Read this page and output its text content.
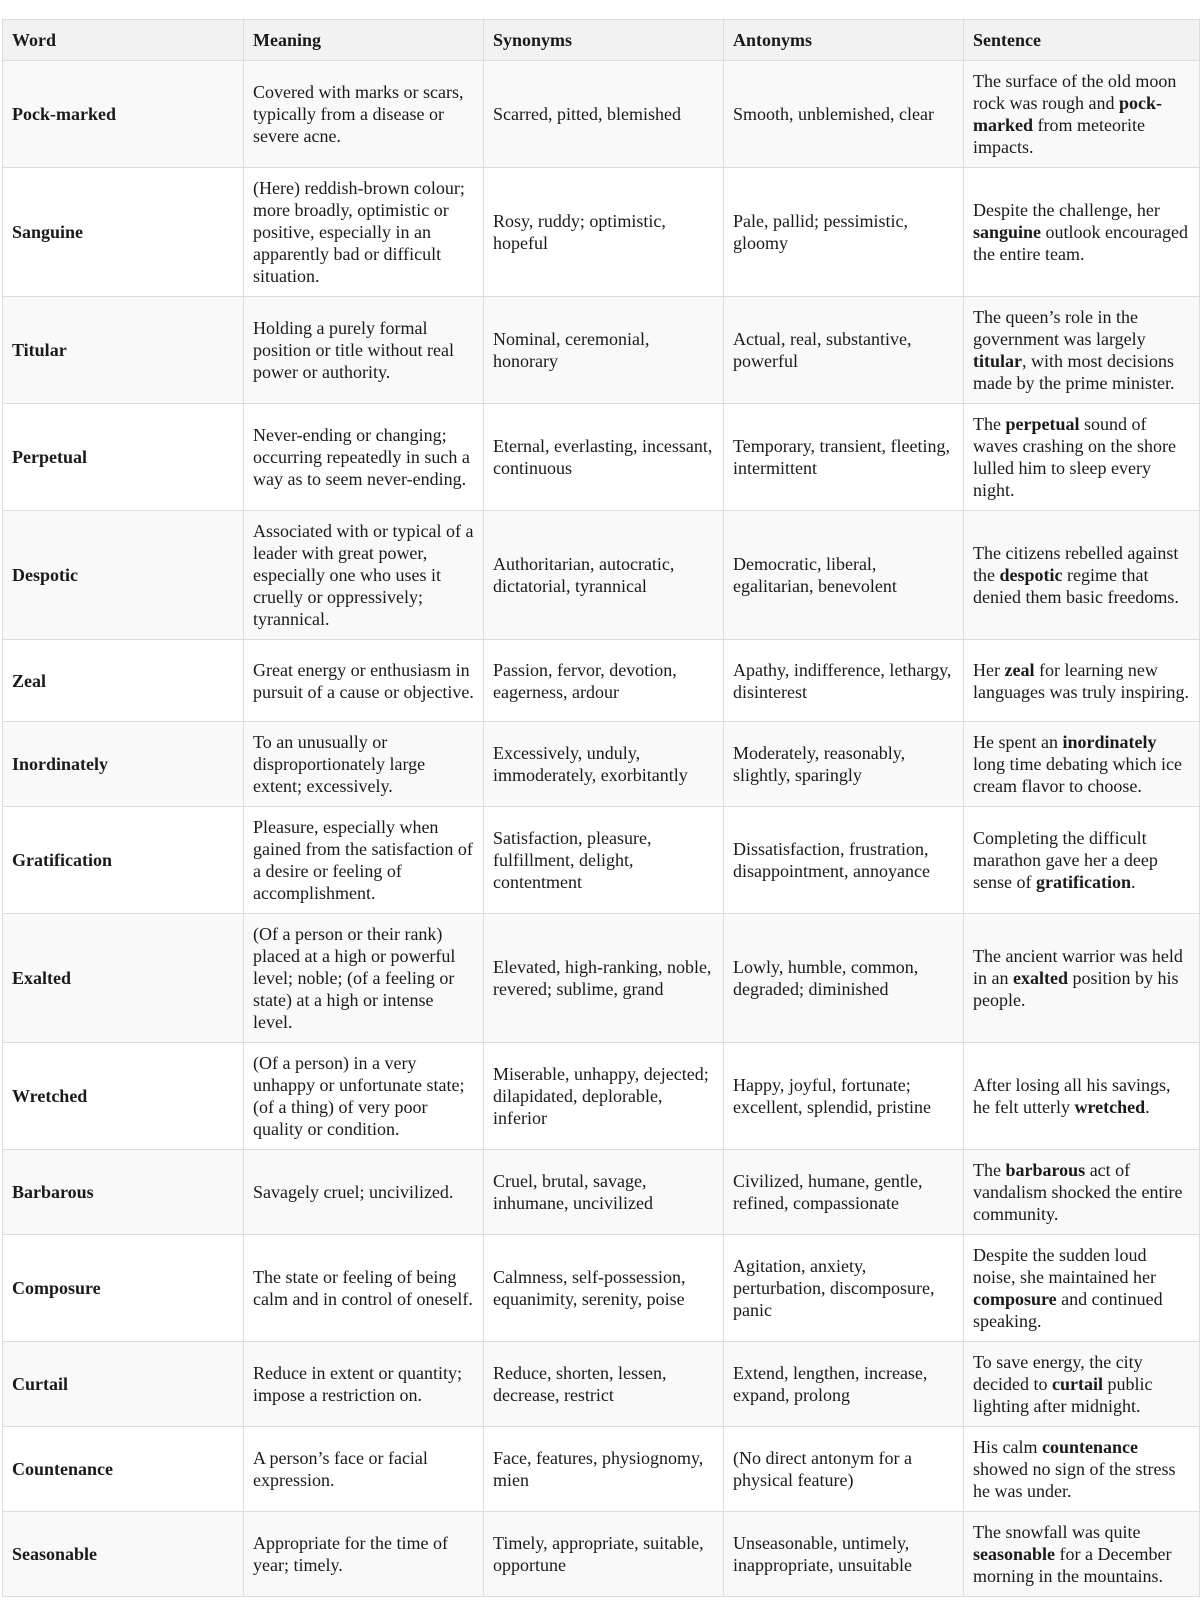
Word	Meaning	Synonyms	Antonyms	Sentence
Pock-marked	Covered with marks or scars, typically from a disease or severe acne.	Scarred, pitted, blemished	Smooth, unblemished, clear	The surface of the old moon rock was rough and pock-marked from meteorite impacts.
Sanguine	(Here) reddish-brown colour; more broadly, optimistic or positive, especially in an apparently bad or difficult situation.	Rosy, ruddy; optimistic, hopeful	Pale, pallid; pessimistic, gloomy	Despite the challenge, her sanguine outlook encouraged the entire team.
Titular	Holding a purely formal position or title without real power or authority.	Nominal, ceremonial, honorary	Actual, real, substantive, powerful	The queen’s role in the government was largely titular, with most decisions made by the prime minister.
Perpetual	Never-ending or changing; occurring repeatedly in such a way as to seem never-ending.	Eternal, everlasting, incessant, continuous	Temporary, transient, fleeting, intermittent	The perpetual sound of waves crashing on the shore lulled him to sleep every night.
Despotic	Associated with or typical of a leader with great power, especially one who uses it cruelly or oppressively; tyrannical.	Authoritarian, autocratic, dictatorial, tyrannical	Democratic, liberal, egalitarian, benevolent	The citizens rebelled against the despotic regime that denied them basic freedoms.
Zeal	Great energy or enthusiasm in pursuit of a cause or objective.	Passion, fervor, devotion, eagerness, ardour	Apathy, indifference, lethargy, disinterest	Her zeal for learning new languages was truly inspiring.
Inordinately	To an unusually or disproportionately large extent; excessively.	Excessively, unduly, immoderately, exorbitantly	Moderately, reasonably, slightly, sparingly	He spent an inordinately long time debating which ice cream flavor to choose.
Gratification	Pleasure, especially when gained from the satisfaction of a desire or feeling of accomplishment.	Satisfaction, pleasure, fulfillment, delight, contentment	Dissatisfaction, frustration, disappointment, annoyance	Completing the difficult marathon gave her a deep sense of gratification.
Exalted	(Of a person or their rank) placed at a high or powerful level; noble; (of a feeling or state) at a high or intense level.	Elevated, high-ranking, noble, revered; sublime, grand	Lowly, humble, common, degraded; diminished	The ancient warrior was held in an exalted position by his people.
Wretched	(Of a person) in a very unhappy or unfortunate state; (of a thing) of very poor quality or condition.	Miserable, unhappy, dejected; dilapidated, deplorable, inferior	Happy, joyful, fortunate; excellent, splendid, pristine	After losing all his savings, he felt utterly wretched.
Barbarous	Savagely cruel; uncivilized.	Cruel, brutal, savage, inhumane, uncivilized	Civilized, humane, gentle, refined, compassionate	The barbarous act of vandalism shocked the entire community.
Composure	The state or feeling of being calm and in control of oneself.	Calmness, self-possession, equanimity, serenity, poise	Agitation, anxiety, perturbation, discomposure, panic	Despite the sudden loud noise, she maintained her composure and continued speaking.
Curtail	Reduce in extent or quantity; impose a restriction on.	Reduce, shorten, lessen, decrease, restrict	Extend, lengthen, increase, expand, prolong	To save energy, the city decided to curtail public lighting after midnight.
Countenance	A person’s face or facial expression.	Face, features, physiognomy, mien	(No direct antonym for a physical feature)	His calm countenance showed no sign of the stress he was under.
Seasonable	Appropriate for the time of year; timely.	Timely, appropriate, suitable, opportune	Unseasonable, untimely, inappropriate, unsuitable	The snowfall was quite seasonable for a December morning in the mountains.
